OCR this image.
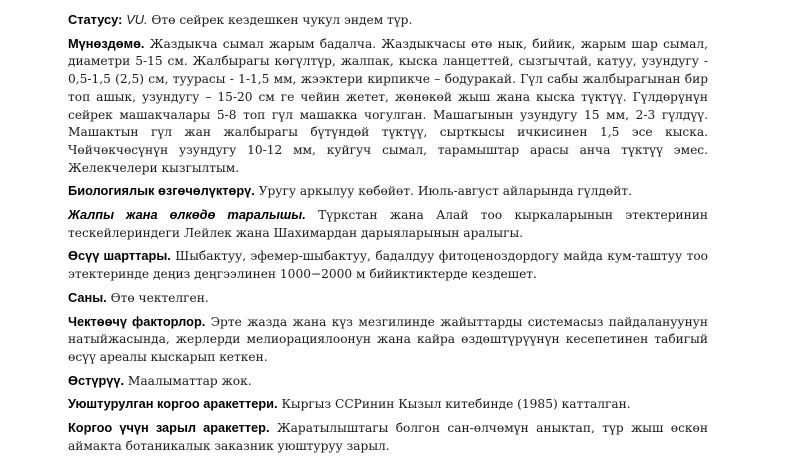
Статусу: VU. Өтө сейрек кездешкен чукул эндем түр.

Мүнөздөмө. Жаздыкча сымал жарым бадалча. Жаздыкчасы өтө нык, бийик, жарым шар сымал, диаметри 5-15 см. Жалбырагы көгүлтүр, жалпак, кыска ланцеттей, сызгычтай, катуу, узундугу - 0,5-1,5 (2,5) см, туурасы - 1-1,5 мм, жээктери кирпикче – бодуракай. Гүл сабы жалбырагынан бир топ ашык, узундугу – 15-20 см ге чейин жетет, жөнөкөй жыш жана кыска түктүү. Гүлдөрүнүн сейрек машакчалары 5-8 топ гүл машакка чогулган. Машагынын узундугу 15 мм, 2-3 гүлдүү. Машактын гүл жан жалбырагы бүтүндөй түктүү, сырткысы ичкисинен 1,5 эсе кыска. Чөйчөкчөсүнүн узундугу 10-12 мм, куйгуч сымал, тарамыштар арасы анча түктүү эмес. Желекчелери кызгылтым.

Биологиялык өзгөчөлүктөрү. Уругу аркылуу көбөйөт. Июль-август айларында гүлдөйт.

Жалпы жана өлкөдө таралышы. Түркстан жана Алай тоо кыркаларынын этектеринин тескейлериндеги Лейлек жана Шахимардан дарыяларынын аралыгы.

Өсүү шарттары. Шыбактуу, эфемер-шыбактуу, бадалдуу фитоценоздордогу майда кум-таштуу тоо этектеринде деңиз деңгээлинен 1000−2000 м бийиктиктерде кездешет.

Саны. Өтө чектелген.

Чектөөчү факторлор. Эрте жазда жана күз мезгилинде жайыттарды системасыз пайдалануунун натыйжасында, жерлерди мелиорациялоонун жана кайра өздөштүрүүнүн кесепетинен табигый өсүү ареалы кыскарып кеткен.

Өстүрүү. Маалыматтар жок.

Уюштурулган коргоо аракеттери. Кыргыз ССРинин Кызыл китебинде (1985) катталган.

Коргоо үчүн зарыл аракеттер. Жаратылыштагы болгон сан-өлчөмүн аныктап, түр жыш өскөн аймакта ботаникалык заказник уюштуруу зарыл.
